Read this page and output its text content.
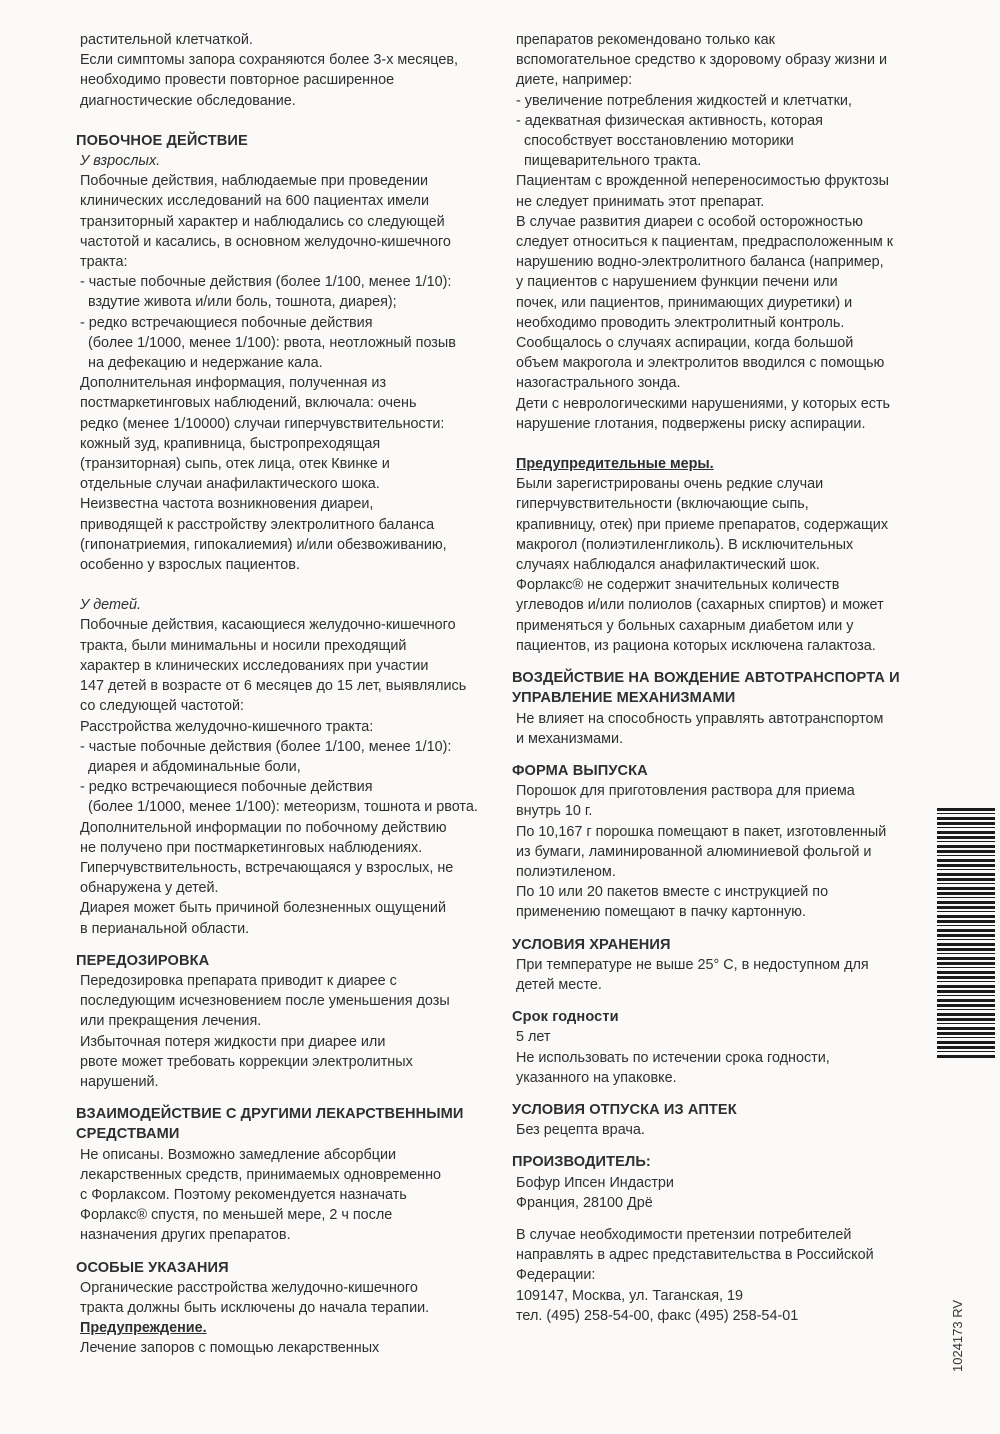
растительной клетчаткой.

Если симптомы запора сохраняются более 3-х месяцев,

необходимо провести повторное расширенное

диагностические обследование.

ПОБОЧНОЕ ДЕЙСТВИЕ

У взрослых.

Побочные действия, наблюдаемые при проведении

клинических исследований на 600 пациентах имели

транзиторный характер и наблюдались со следующей

частотой и касались, в основном желудочно-кишечного

тракта:

- частые побочные действия (более 1/100, менее 1/10):

вздутие живота и/или боль, тошнота, диарея);

- редко встречающиеся побочные действия

(более 1/1000, менее 1/100): рвота, неотложный позыв

на дефекацию и недержание кала.

Дополнительная информация, полученная из

постмаркетинговых наблюдений, включала: очень

редко (менее 1/10000) случаи гиперчувствительности:

кожный зуд, крапивница, быстропреходящая

(транзиторная) сыпь, отек лица, отек Квинке и

отдельные случаи анафилактического шока.

Неизвестна частота возникновения диареи,

приводящей к расстройству электролитного баланса

(гипонатриемия, гипокалиемия) и/или обезвоживанию,

особенно у взрослых пациентов.

У детей.

Побочные действия, касающиеся желудочно-кишечного

тракта, были минимальны и носили преходящий

характер в клинических исследованиях при участии

147 детей в возрасте от 6 месяцев до 15 лет, выявлялись

со следующей частотой:

Расстройства желудочно-кишечного тракта:

- частые побочные действия (более 1/100, менее 1/10):

диарея и абдоминальные боли,

- редко встречающиеся побочные действия

(более 1/1000, менее 1/100): метеоризм, тошнота и рвота.

Дополнительной информации по побочному действию

не получено при постмаркетинговых наблюдениях.

Гиперчувствительность, встречающаяся у взрослых, не

обнаружена у детей.

Диарея может быть причиной болезненных ощущений

в перианальной области.

ПЕРЕДОЗИРОВКА

Передозировка препарата приводит к диарее с

последующим исчезновением после уменьшения дозы

или прекращения лечения.

Избыточная потеря жидкости при диарее или

рвоте может требовать коррекции электролитных

нарушений.

ВЗАИМОДЕЙСТВИЕ С ДРУГИМИ ЛЕКАРСТВЕННЫМИ

СРЕДСТВАМИ

Не описаны. Возможно замедление абсорбции

лекарственных средств, принимаемых одновременно

с Форлаксом. Поэтому рекомендуется назначать

Форлакс® спустя, по меньшей мере, 2 ч после

назначения других препаратов.

ОСОБЫЕ УКАЗАНИЯ

Органические расстройства желудочно-кишечного

тракта должны быть исключены до начала терапии.

Предупреждение.

Лечение запоров с помощью лекарственных

препаратов рекомендовано только как

вспомогательное средство к здоровому образу жизни и

диете, например:

- увеличение потребления жидкостей и клетчатки,

- адекватная физическая активность, которая

способствует восстановлению моторики

пищеварительного тракта.

Пациентам с врожденной непереносимостью фруктозы

не следует принимать этот препарат.

В случае развития диареи с особой осторожностью

следует относиться к пациентам, предрасположенным к

нарушению водно-электролитного баланса (например,

у пациентов с нарушением функции печени или

почек, или пациентов, принимающих диуретики) и

необходимо проводить электролитный контроль.

Сообщалось о случаях аспирации, когда большой

объем макрогола и электролитов вводился с помощью

назогастрального зонда.

Дети с неврологическими нарушениями, у которых есть

нарушение глотания, подвержены риску аспирации.

Предупредительные меры.

Были зарегистрированы очень редкие случаи

гиперчувствительности (включающие сыпь,

крапивницу, отек) при приеме препаратов, содержащих

макрогол (полиэтиленгликоль). В исключительных

случаях наблюдался анафилактический шок.

Форлакс® не содержит значительных количеств

углеводов и/или полиолов (сахарных спиртов) и может

применяться у больных сахарным диабетом или у

пациентов, из рациона которых исключена галактоза.

ВОЗДЕЙСТВИЕ НА ВОЖДЕНИЕ АВТОТРАНСПОРТА И

УПРАВЛЕНИЕ МЕХАНИЗМАМИ

Не влияет на способность управлять автотранспортом

и механизмами.

ФОРМА ВЫПУСКА

Порошок для приготовления раствора для приема

внутрь 10 г.

По 10,167 г порошка помещают в пакет, изготовленный

из бумаги, ламинированной алюминиевой фольгой и

полиэтиленом.

По 10 или 20 пакетов вместе с инструкцией по

применению помещают в пачку картонную.

УСЛОВИЯ ХРАНЕНИЯ

При температуре не выше 25° С, в недоступном для

детей месте.

Срок годности

5 лет

Не использовать по истечении срока годности,

указанного на упаковке.

УСЛОВИЯ ОТПУСКА ИЗ АПТЕК

Без рецепта врача.

ПРОИЗВОДИТЕЛЬ:

Бофур Ипсен Индастри

Франция, 28100 Дрё

В случае необходимости претензии потребителей

направлять в адрес представительства в Российской

Федерации:

109147, Москва, ул. Таганская, 19

тел. (495) 258-54-00, факс (495) 258-54-01	1024173 RV
